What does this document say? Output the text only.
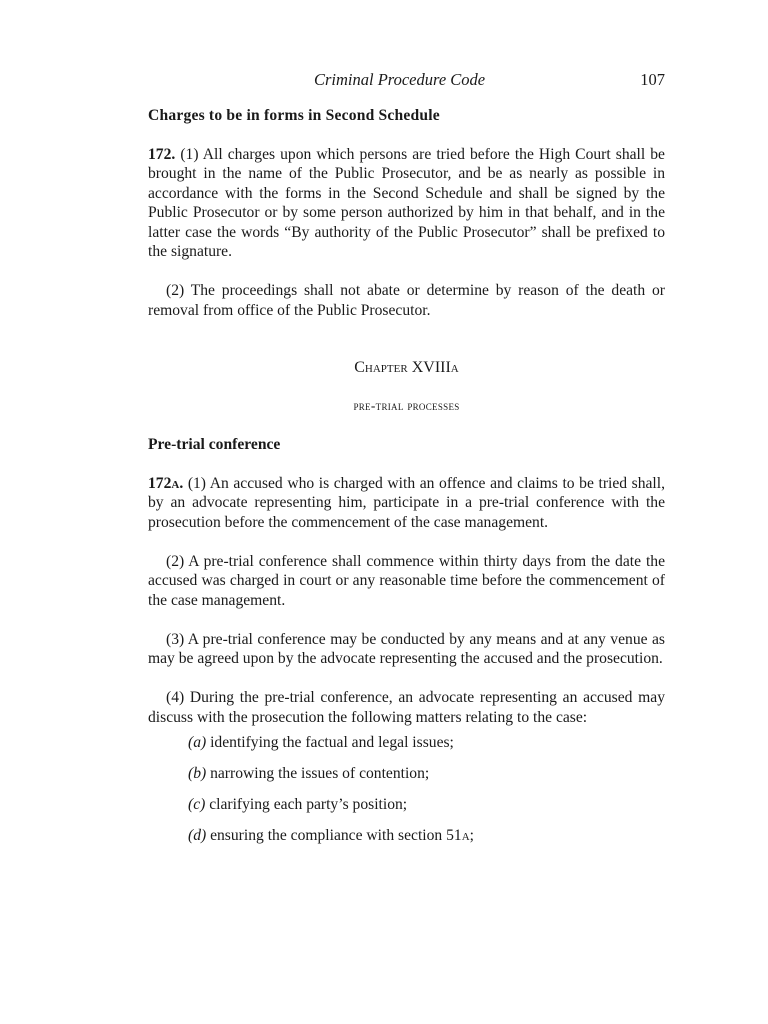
Criminal Procedure Code	107
Charges to be in forms in Second Schedule

172. (1) All charges upon which persons are tried before the High Court shall be brought in the name of the Public Prosecutor, and be as nearly as possible in accordance with the forms in the Second Schedule and shall be signed by the Public Prosecutor or by some person authorized by him in that behalf, and in the latter case the words “By authority of the Public Prosecutor” shall be prefixed to the signature.

(2) The proceedings shall not abate or determine by reason of the death or removal from office of the Public Prosecutor.

Chapter XVIIIa
pre-trial processes
Pre-trial conference

172a. (1) An accused who is charged with an offence and claims to be tried shall, by an advocate representing him, participate in a pre-trial conference with the prosecution before the commencement of the case management.

(2) A pre-trial conference shall commence within thirty days from the date the accused was charged in court or any reasonable time before the commencement of the case management.

(3) A pre-trial conference may be conducted by any means and at any venue as may be agreed upon by the advocate representing the accused and the prosecution.

(4) During the pre-trial conference, an advocate representing an accused may discuss with the prosecution the following matters relating to the case:

(a) identifying the factual and legal issues;
(b) narrowing the issues of contention;
(c) clarifying each party’s position;
(d) ensuring the compliance with section 51a;
